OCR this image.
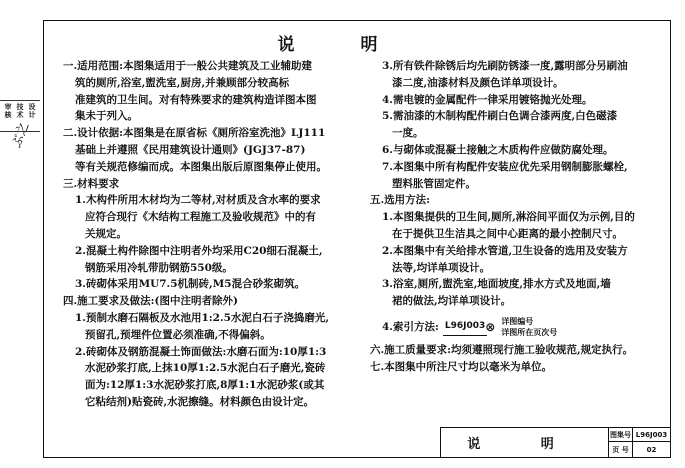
ぶ之
审核
技术
设计
说 明
一.适用范围:本图集适用于一般公共建筑及工业辅助建
筑的厕所,浴室,盥洗室,厨房,并兼顾部分较高标
准建筑的卫生间。对有特殊要求的建筑构造详图本图
集未于列入。
二.设计依据:本图集是在原省标《厕所浴室洗池》LJ111
基础上并遵照《民用建筑设计通则》(JGJ37-87)
等有关规范修编而成。本图集出版后原图集停止使用。
三.材料要求
1.木构件所用木材均为二等材,对材质及含水率的要求
应符合现行《木结构工程施工及验收规范》中的有
关规定。
2.混凝土构件除图中注明者外均采用C20细石混凝土,
钢筋采用冷轧带肋钢筋550级。
3.砖砌体采用MU7.5机制砖,M5混合砂浆砌筑。
四.施工要求及做法:(图中注明者除外)
1.预制水磨石隔板及水池用1:2.5水泥白石子浇捣磨光,
预留孔,预埋件位置必须准确,不得偏斜。
2.砖砌体及钢筋混凝土饰面做法:水磨石面为:10厚1:3
水泥砂浆打底,上抹10厚1:2.5水泥白石子磨光,瓷砖
面为:12厚1:3水泥砂浆打底,8厚1:1水泥砂浆(或其
它粘结剂)贴瓷砖,水泥擦缝。材料颜色由设计定。
3.所有铁件除锈后均先刷防锈漆一度,露明部分另刷油
漆二度,油漆材料及颜色详单项设计。
4.需电镀的金属配件一律采用镀铬抛光处理。
5.需油漆的木制构配件刷白色调合漆两度,白色磁漆
一度。
6.与砌体或混凝土接触之木质构件应做防腐处理。
7.本图集中所有构配件安装应优先采用钢制膨胀螺栓,
塑料胀管固定件。
五.选用方法:
1.本图集提供的卫生间,厕所,淋浴间平面仅为示例,目的
在于提供卫生洁具之间中心距离的最小控制尺寸。
2.本图集中有关给排水管道,卫生设备的选用及安装方
法等,均详单项设计。
3.浴室,厕所,盥洗室,地面坡度,排水方式及地面,墙
裙的做法,均详单项设计。
4.索引方法: L96J003 ⊗ 详图编号
详图所在页次号
六.施工质量要求:均须遵照现行施工验收规范,规定执行。
七.本图集中所注尺寸均以毫米为单位。
说 明
图集号 L96J003
页 号	02
